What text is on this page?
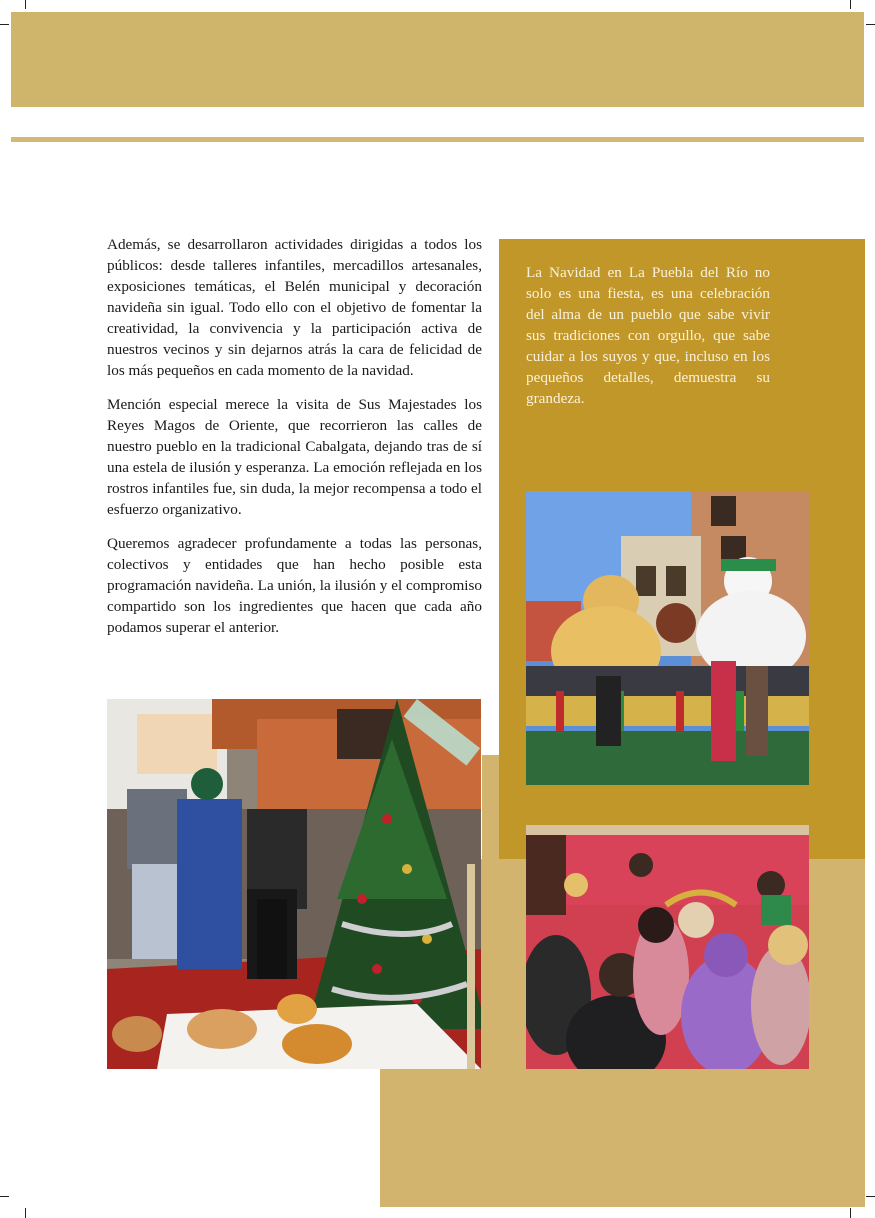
Además, se desarrollaron actividades dirigidas a todos los públicos: desde talleres infantiles, mercadillos artesanales, exposiciones temáticas, el Belén municipal y decoración navideña sin igual. Todo ello con el objetivo de fomentar la creatividad, la convivencia y la participación activa de nuestros vecinos y sin dejarnos atrás la cara de felicidad de los más pequeños en cada momento de la navidad.

Mención especial merece la visita de Sus Majestades los Reyes Magos de Oriente, que recorrieron las calles de nuestro pueblo en la tradicional Cabalgata, dejando tras de sí una estela de ilusión y esperanza. La emoción reflejada en los rostros infantiles fue, sin duda, la mejor recompensa a todo el esfuerzo organizativo.

Queremos agradecer profundamente a todas las personas, colectivos y entidades que han hecho posible esta programación navideña. La unión, la ilusión y el compromiso compartido son los ingredientes que hacen que cada año podamos superar el anterior.

La Navidad en La Puebla del Río no solo es una fiesta, es una celebración del alma de un pueblo que sabe vivir sus tradiciones con orgullo, que sabe cuidar a los suyos y que, incluso en los pequeños detalles, demuestra su grandeza.
